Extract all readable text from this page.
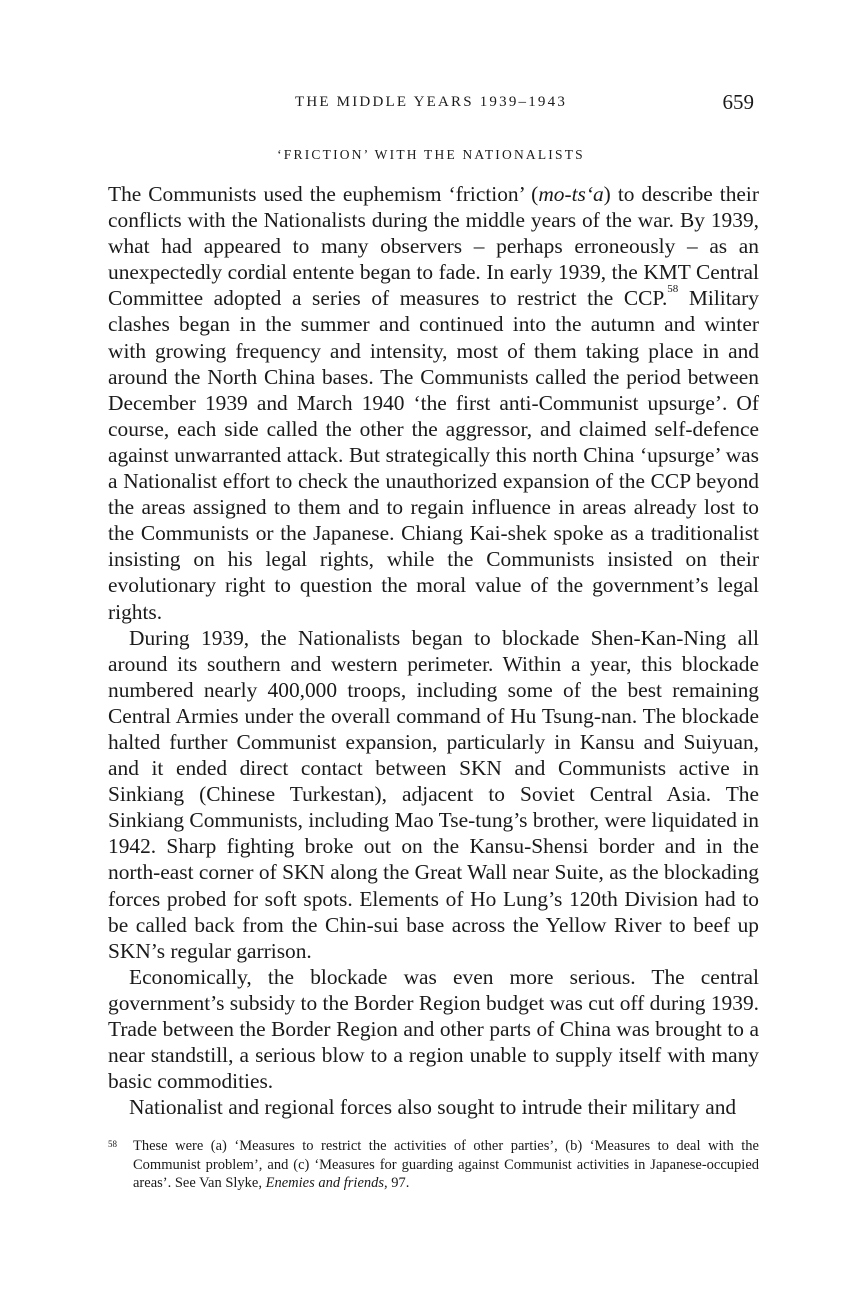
THE MIDDLE YEARS 1939–1943	659
‘FRICTION’ WITH THE NATIONALISTS

The Communists used the euphemism ‘friction’ (mo-ts‘a) to describe their conflicts with the Nationalists during the middle years of the war. By 1939, what had appeared to many observers – perhaps erroneously – as an unexpectedly cordial entente began to fade. In early 1939, the KMT Central Committee adopted a series of measures to restrict the CCP.$^{58}$ Military clashes began in the summer and continued into the autumn and winter with growing frequency and intensity, most of them taking place in and around the North China bases. The Communists called the period between December 1939 and March 1940 ‘the first anti-Communist upsurge’. Of course, each side called the other the aggressor, and claimed self-defence against unwarranted attack. But strategically this north China ‘upsurge’ was a Nationalist effort to check the unauthorized expansion of the CCP beyond the areas assigned to them and to regain influence in areas already lost to the Communists or the Japanese. Chiang Kai-shek spoke as a traditionalist insisting on his legal rights, while the Communists insisted on their evolutionary right to question the moral value of the government’s legal rights.

During 1939, the Nationalists began to blockade Shen-Kan-Ning all around its southern and western perimeter. Within a year, this blockade numbered nearly 400,000 troops, including some of the best remaining Central Armies under the overall command of Hu Tsung-nan. The blockade halted further Communist expansion, particularly in Kansu and Suiyuan, and it ended direct contact between SKN and Communists active in Sinkiang (Chinese Turkestan), adjacent to Soviet Central Asia. The Sinkiang Communists, including Mao Tse-tung’s brother, were liquidated in 1942. Sharp fighting broke out on the Kansu-Shensi border and in the north-east corner of SKN along the Great Wall near Suite, as the blockading forces probed for soft spots. Elements of Ho Lung’s 120th Division had to be called back from the Chin-sui base across the Yellow River to beef up SKN’s regular garrison.

Economically, the blockade was even more serious. The central government’s subsidy to the Border Region budget was cut off during 1939. Trade between the Border Region and other parts of China was brought to a near standstill, a serious blow to a region unable to supply itself with many basic commodities.

Nationalist and regional forces also sought to intrude their military and

58 These were (a) ‘Measures to restrict the activities of other parties’, (b) ‘Measures to deal with the Communist problem’, and (c) ‘Measures for guarding against Communist activities in Japanese-occupied areas’. See Van Slyke, Enemies and friends, 97.
